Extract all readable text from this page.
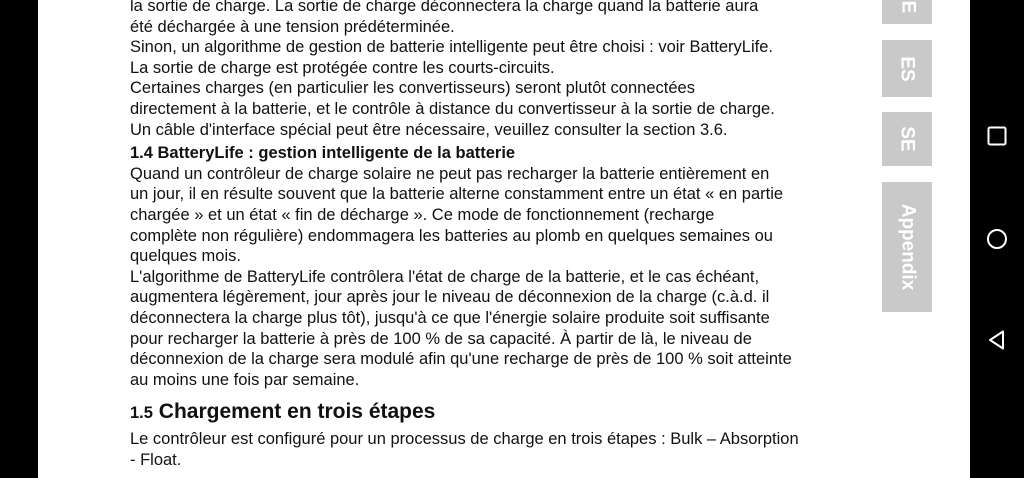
la sortie de charge. La sortie de charge déconnectera la charge quand la batterie aura
été déchargée à une tension prédéterminée.
Sinon, un algorithme de gestion de batterie intelligente peut être choisi : voir BatteryLife.
La sortie de charge est protégée contre les courts-circuits.
Certaines charges (en particulier les convertisseurs) seront plutôt connectées
directement à la batterie, et le contrôle à distance du convertisseur à la sortie de charge.
Un câble d'interface spécial peut être nécessaire, veuillez consulter la section 3.6.
1.4 BatteryLife : gestion intelligente de la batterie
Quand un contrôleur de charge solaire ne peut pas recharger la batterie entièrement en
un jour, il en résulte souvent que la batterie alterne constamment entre un état « en partie
chargée » et un état « fin de décharge ». Ce mode de fonctionnement (recharge
complète non régulière) endommagera les batteries au plomb en quelques semaines ou
quelques mois.
L'algorithme de BatteryLife contrôlera l'état de charge de la batterie, et le cas échéant,
augmentera légèrement, jour après jour le niveau de déconnexion de la charge (c.à.d. il
déconnectera la charge plus tôt), jusqu'à ce que l'énergie solaire produite soit suffisante
pour recharger la batterie à près de 100 % de sa capacité. À partir de là, le niveau de
déconnexion de la charge sera modulé afin qu'une recharge de près de 100 % soit atteinte
au moins une fois par semaine.
1.5 Chargement en trois étapes
Le contrôleur est configuré pour un processus de charge en trois étapes : Bulk – Absorption
- Float.
E
ES
SE
Appendix
